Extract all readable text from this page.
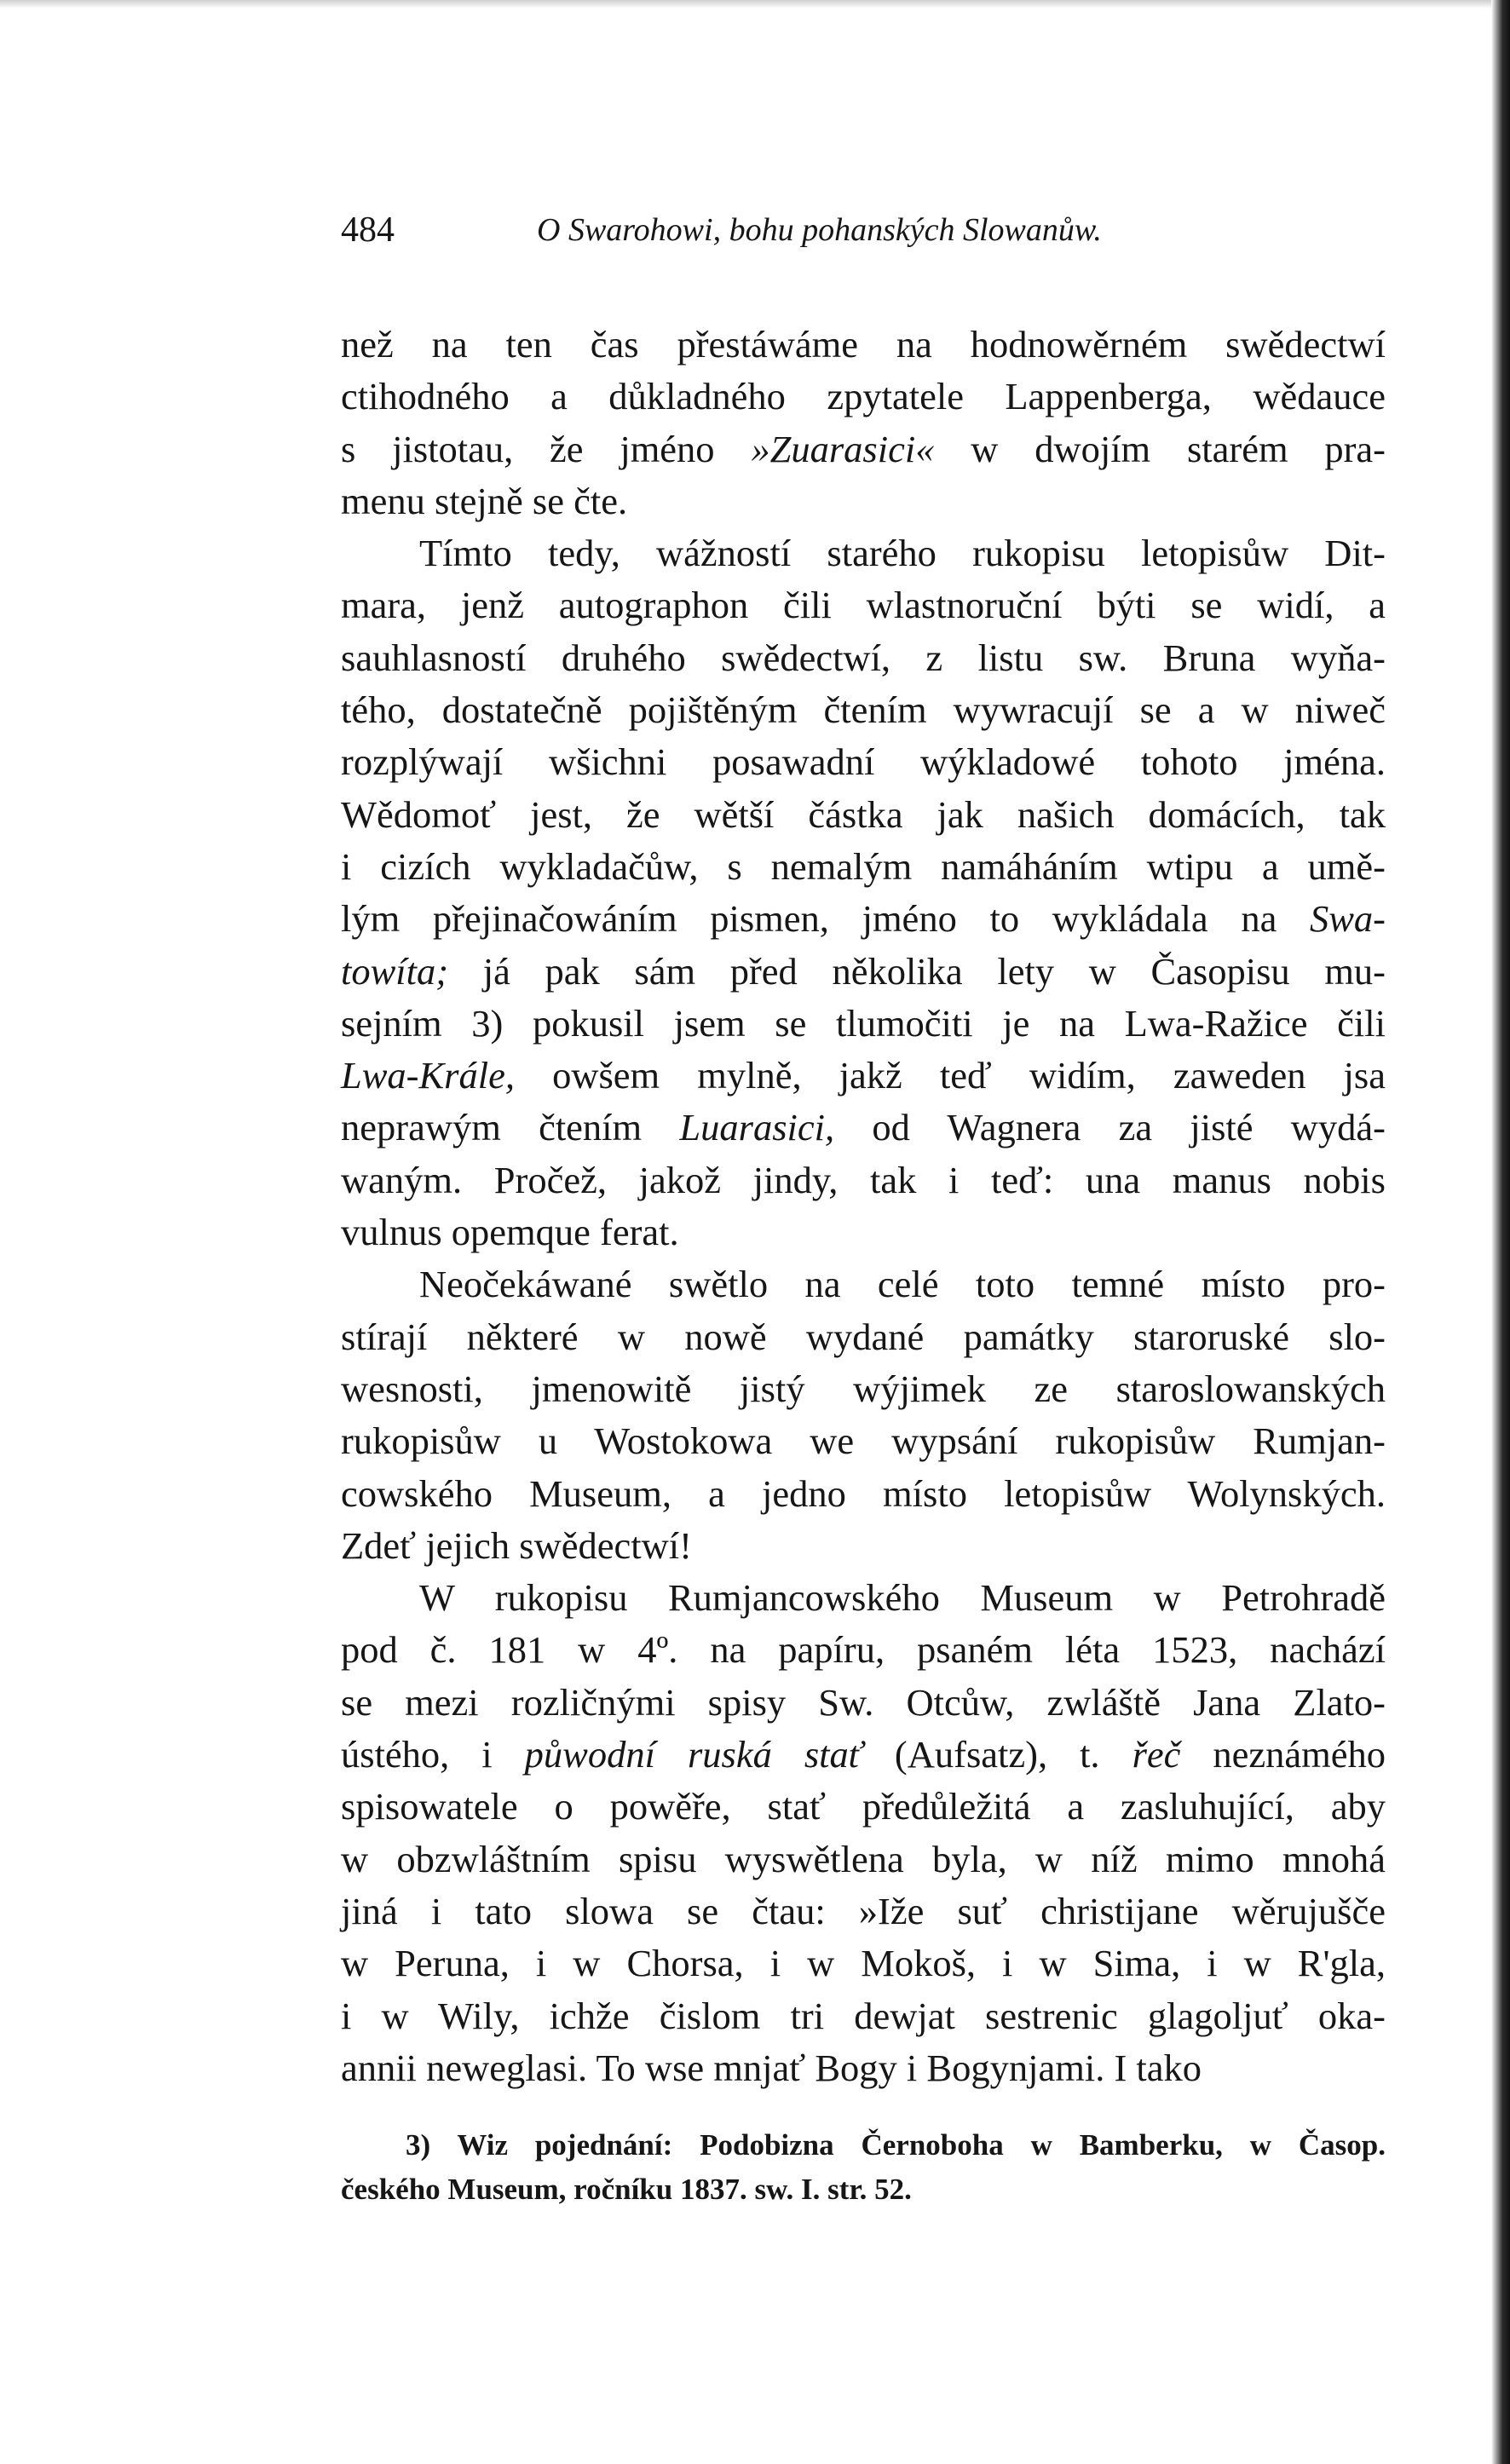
484	O Swarohowi, bohu pohanských Slowanůw.
než na ten čas přestáwáme na hodnowěrném swědectwí
ctihodného a důkladného zpytatele Lappenberga, wědauce
s jistotau, že jméno »Zuarasici« w dwojím starém pra-
menu stejně se čte.
Tímto tedy, wážností starého rukopisu letopisůw Dit-
mara, jenž autographon čili wlastnoruční býti se widí, a
sauhlasností druhého swědectwí, z listu sw. Bruna wyňa-
tého, dostatečně pojištěným čtením wywracují se a w niweč
rozplýwají wšichni posawadní wýkladowé tohoto jména.
Wědomoť jest, že wětší částka jak našich domácích, tak
i cizích wykladačůw, s nemalým namáháním wtipu a umě-
lým přejinačowáním pismen, jméno to wykládala na Swa-
towíta; já pak sám před několika lety w Časopisu mu-
sejním 3) pokusil jsem se tlumočiti je na Lwa-Ražice čili
Lwa-Krále, owšem mylně, jakž teď widím, zaweden jsa
neprawým čtením Luarasici, od Wagnera za jisté wydá-
waným. Pročež, jakož jindy, tak i teď: una manus nobis
vulnus opemque ferat.
Neočekáwané swětlo na celé toto temné místo pro-
stírají některé w nowě wydané památky staroruské slo-
wesnosti, jmenowitě jistý wýjimek ze staroslowanských
rukopisůw u Wostokowa we wypsání rukopisůw Rumjan-
cowského Museum, a jedno místo letopisůw Wolynských.
Zdeť jejich swědectwí!
W rukopisu Rumjancowského Museum w Petrohradě
pod č. 181 w 4º. na papíru, psaném léta 1523, nachází
se mezi rozličnými spisy Sw. Otcůw, zwláště Jana Zlato-
ústého, i půwodní ruská stať (Aufsatz), t. řeč neznámého
spisowatele o powěře, stať předůležitá a zasluhující, aby
w obzwláštním spisu wyswětlena byla, w níž mimo mnohá
jiná i tato slowa se čtau: »Iže suť christijane wěrujušče
w Peruna, i w Chorsa, i w Mokoš, i w Sima, i w R'gla,
i w Wily, ichže čislom tri dewjat sestrenic glagoljuť oka-
annii neweglasi. To wse mnjať Bogy i Bogynjami. I tako
3) Wiz pojednání: Podobizna Černoboha w Bamberku, w Časop.
českého Museum, ročníku 1837. sw. I. str. 52.
